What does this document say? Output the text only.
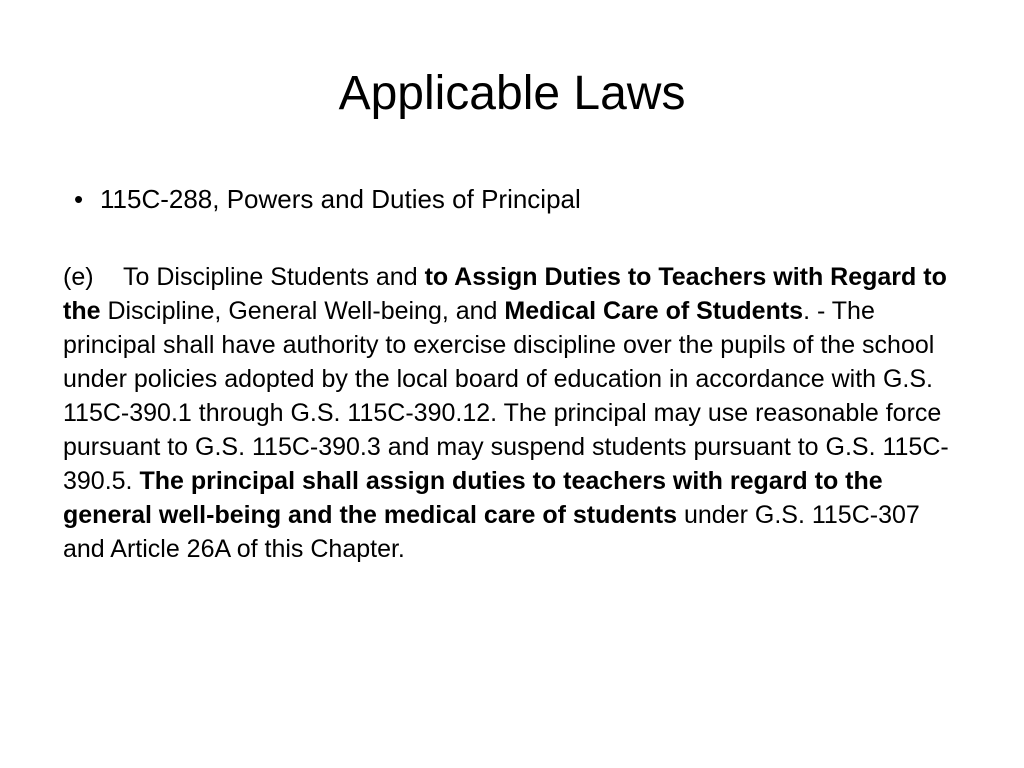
Applicable Laws
• 115C-288, Powers and Duties of Principal

(e) To Discipline Students and to Assign Duties to Teachers with Regard to the Discipline, General Well-being, and Medical Care of Students. - The principal shall have authority to exercise discipline over the pupils of the school under policies adopted by the local board of education in accordance with G.S. 115C-390.1 through G.S. 115C-390.12. The principal may use reasonable force pursuant to G.S. 115C-390.3 and may suspend students pursuant to G.S. 115C-390.5. The principal shall assign duties to teachers with regard to the general well-being and the medical care of students under G.S. 115C-307 and Article 26A of this Chapter.
